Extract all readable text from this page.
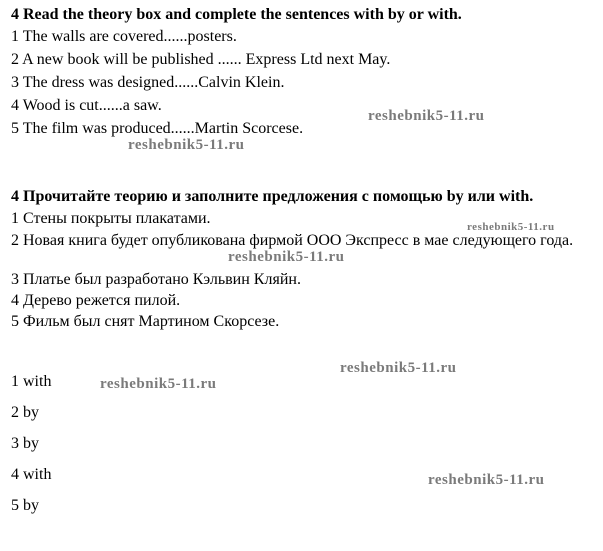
4 Read the theory box and complete the sentences with by or with.
1 The walls are covered......posters.
2 A new book will be published ...... Express Ltd next May.
3 The dress was designed......Calvin Klein.
4 Wood is cut......a saw.
5 The film was produced......Martin Scorcese.
4 Прочитайте теорию и заполните предложения с помощью by или with.
1 Стены покрыты плакатами.
2 Новая книга будет опубликована фирмой ООО Экспресс в мае следующего года.
3 Платье был разработано Кэльвин Кляйн.
4 Дерево режется пилой.
5 Фильм был снят Мартином Скорсезе.
1 with
2 by
3 by
4 with
5 by
reshebnik5-11.ru
reshebnik5-11.ru
reshebnik5-11.ru
reshebnik5-11.ru
reshebnik5-11.ru
reshebnik5-11.ru
reshebnik5-11.ru
